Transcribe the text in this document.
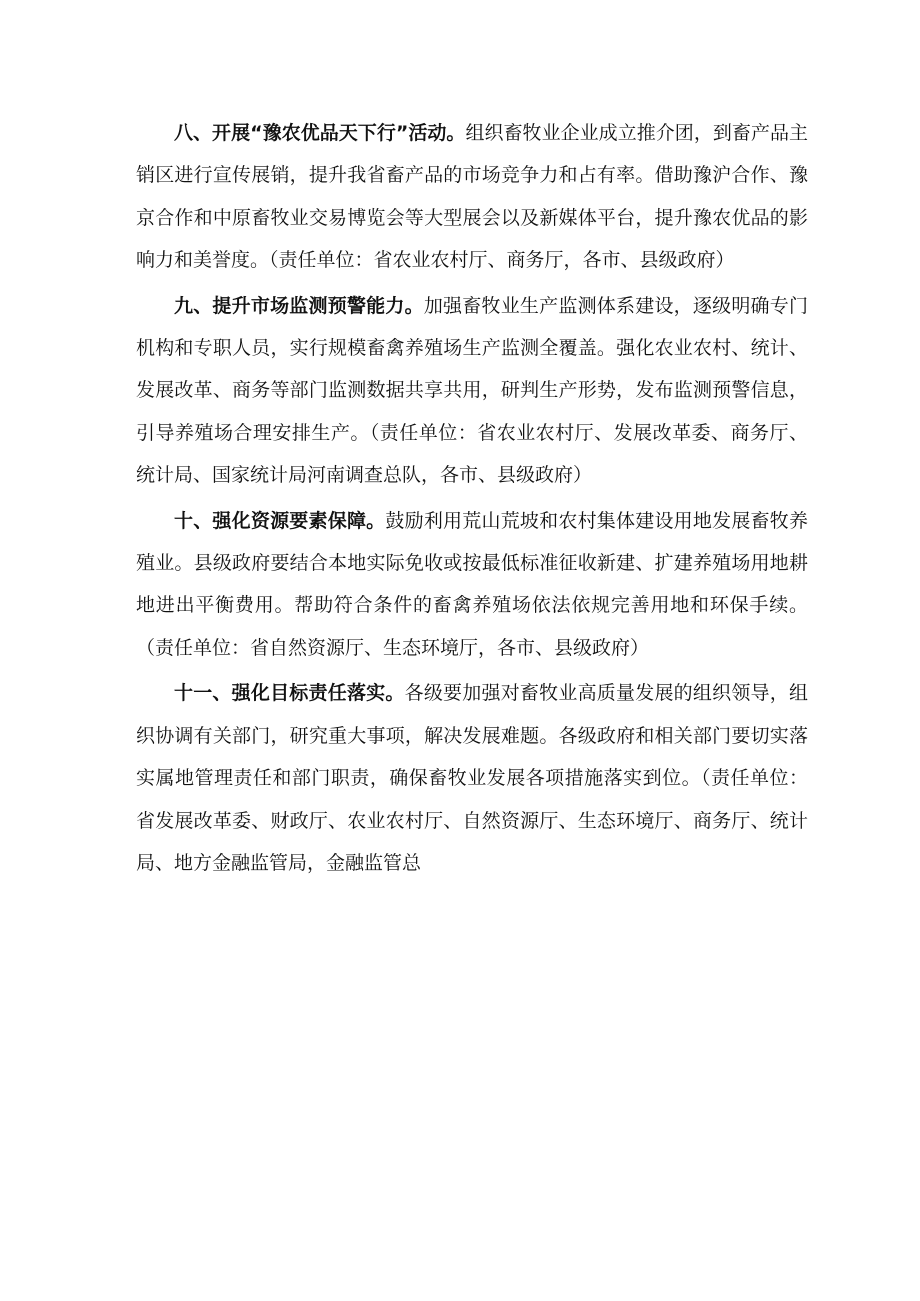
八、开展“豫农优品天下行”活动。组织畜牧业企业成立推介团，到畜产品主销区进行宣传展销，提升我省畜产品的市场竞争力和占有率。借助豫沪合作、豫京合作和中原畜牧业交易博览会等大型展会以及新媒体平台，提升豫农优品的影响力和美誉度。（责任单位：省农业农村厅、商务厅，各市、县级政府）

九、提升市场监测预警能力。加强畜牧业生产监测体系建设，逐级明确专门机构和专职人员，实行规模畜禽养殖场生产监测全覆盖。强化农业农村、统计、发展改革、商务等部门监测数据共享共用，研判生产形势，发布监测预警信息，引导养殖场合理安排生产。（责任单位：省农业农村厅、发展改革委、商务厅、统计局、国家统计局河南调查总队，各市、县级政府）

十、强化资源要素保障。鼓励利用荒山荒坡和农村集体建设用地发展畜牧养殖业。县级政府要结合本地实际免收或按最低标准征收新建、扩建养殖场用地耕地进出平衡费用。帮助符合条件的畜禽养殖场依法依规完善用地和环保手续。（责任单位：省自然资源厅、生态环境厅，各市、县级政府）

十一、强化目标责任落实。各级要加强对畜牧业高质量发展的组织领导，组织协调有关部门，研究重大事项，解决发展难题。各级政府和相关部门要切实落实属地管理责任和部门职责，确保畜牧业发展各项措施落实到位。（责任单位：省发展改革委、财政厅、农业农村厅、自然资源厅、生态环境厅、商务厅、统计局、地方金融监管局，金融监管总
